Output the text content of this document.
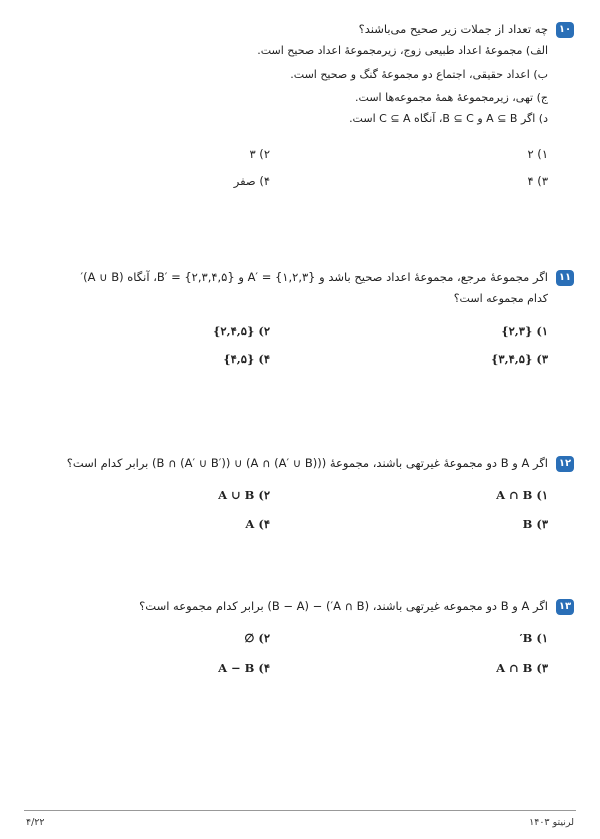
۱۰چه تعداد از جملات زیر صحیح می‌باشند؟
الف) مجموعهٔ اعداد طبیعی زوج، زیرمجموعهٔ اعداد صحیح است.
ب) اعداد حقیقی، اجتماع دو مجموعهٔ گنگ و صحیح است.
ج) تهی، زیرمجموعهٔ همهٔ مجموعه‌ها است.
د) اگر A ⊆ B و B ⊆ C، آنگاه C ⊆ A است.
۱) ۲
۲) ۳
۳) ۴
۴) صفر
۱۱اگر مجموعهٔ مرجع، مجموعهٔ اعداد صحیح باشد و A′ = {۱,۲,۳} و B′ = {۲,۳,۴,۵}، آنگاه (A ∪ B)′
کدام مجموعه است؟
۱) {۲,۳}
۲) {۲,۴,۵}
۳) {۳,۴,۵}
۴) {۴,۵}
۱۲اگر A و B دو مجموعهٔ غیرتهی باشند، مجموعهٔ ((A ∩ (A′ ∪ B)) ∪ (B ∩ (A′ ∪ B′)) برابر کدام است؟
۱) A ∩ B
۲) A ∪ B
۳) B
۴) A
۱۳اگر A و B دو مجموعه غیرتهی باشند، (A ∩ B′) − (B − A) برابر کدام مجموعه است؟
۱) B′
۲) ∅
۳) A ∩ B
۴) A − B
۴/۲۲	لرنیتو ۱۴۰۳
